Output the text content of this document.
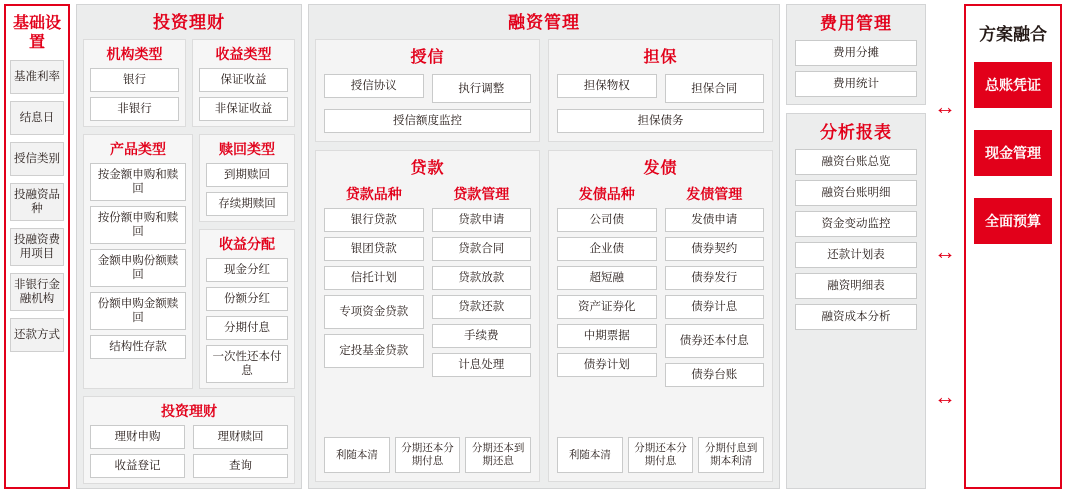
基础设置
基准利率
结息日
授信类别
投融资品种
投融资费用项目
非银行金融机构
还款方式
投资理财
机构类型
银行
非银行
收益类型
保证收益
非保证收益
产品类型
按金额申购和赎回
按份额申购和赎回
金额申购份额赎回
份额申购金额赎回
结构性存款
赎回类型
到期赎回
存续期赎回
收益分配
现金分红
份额分红
分期付息
一次性还本付息
投资理财
理财申购
收益登记
理财赎回
查询
融资管理
授信
授信协议	执行调整
授信额度监控
担保
担保物权	担保合同
担保债务
贷款
贷款品种
银行贷款
银团贷款
信托计划
专项资金贷款
定投基金贷款
贷款管理
贷款申请
贷款合同
贷款放款
贷款还款
手续费
计息处理
利随本清
分期还本分期付息
分期还本到期还息
发债
发债品种
公司债
企业债
超短融
资产证券化
中期票据
债券计划
发债管理
发债申请
债券契约
债券发行
债券计息
债券还本付息
债券台账
利随本清
分期还本分期付息
分期付息到期本利清
费用管理
费用分摊
费用统计
分析报表
融资台账总览
融资台账明细
资金变动监控
还款计划表
融资明细表
融资成本分析
↔
↔
↔
方案融合
总账凭证
现金管理
全面预算
